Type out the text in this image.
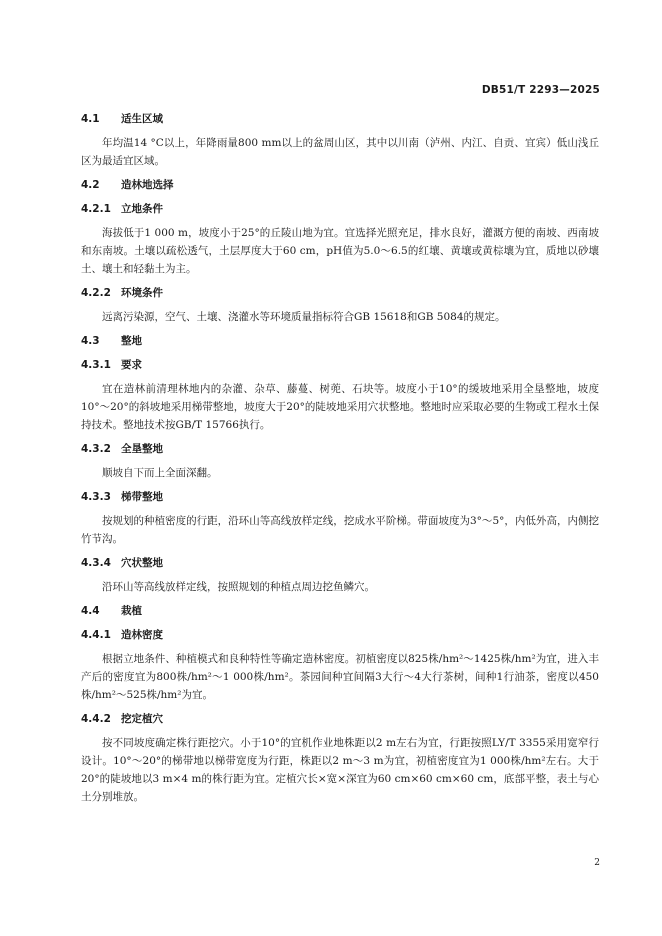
DB51/T 2293—2025
4.1 适生区域
年均温14 °C以上，年降雨量800 mm以上的盆周山区，其中以川南（泸州、内江、自贡、宜宾）低山浅丘区为最适宜区域。
4.2 造林地选择
4.2.1 立地条件
海拔低于1 000 m，坡度小于25°的丘陵山地为宜。宜选择光照充足，排水良好，灌溉方便的南坡、西南坡和东南坡。土壤以疏松透气，土层厚度大于60 cm，pH值为5.0～6.5的红壤、黄壤或黄棕壤为宜，质地以砂壤土、壤土和轻黏土为主。
4.2.2 环境条件
远离污染源，空气、土壤、浇灌水等环境质量指标符合GB 15618和GB 5084的规定。
4.3 整地
4.3.1 要求
宜在造林前清理林地内的杂灌、杂草、藤蔓、树蔸、石块等。坡度小于10°的缓坡地采用全垦整地，坡度10°～20°的斜坡地采用梯带整地，坡度大于20°的陡坡地采用穴状整地。整地时应采取必要的生物或工程水土保持技术。整地技术按GB/T 15766执行。
4.3.2 全垦整地
顺坡自下而上全面深翻。
4.3.3 梯带整地
按规划的种植密度的行距，沿环山等高线放样定线，挖成水平阶梯。带面坡度为3°～5°，内低外高，内侧挖竹节沟。
4.3.4 穴状整地
沿环山等高线放样定线，按照规划的种植点周边挖鱼鳞穴。
4.4 栽植
4.4.1 造林密度
根据立地条件、种植模式和良种特性等确定造林密度。初植密度以825株/hm²～1425株/hm²为宜，进入丰产后的密度宜为800株/hm²～1 000株/hm²。茶园间种宜间隔3大行～4大行茶树，间种1行油茶，密度以450株/hm²～525株/hm²为宜。
4.4.2 挖定植穴
按不同坡度确定株行距挖穴。小于10°的宜机作业地株距以2 m左右为宜，行距按照LY/T 3355采用宽窄行设计。10°～20°的梯带地以梯带宽度为行距，株距以2 m～3 m为宜，初植密度宜为1 000株/hm²左右。大于20°的陡坡地以3 m×4 m的株行距为宜。定植穴长×宽×深宜为60 cm×60 cm×60 cm，底部平整，表土与心土分别堆放。
2
